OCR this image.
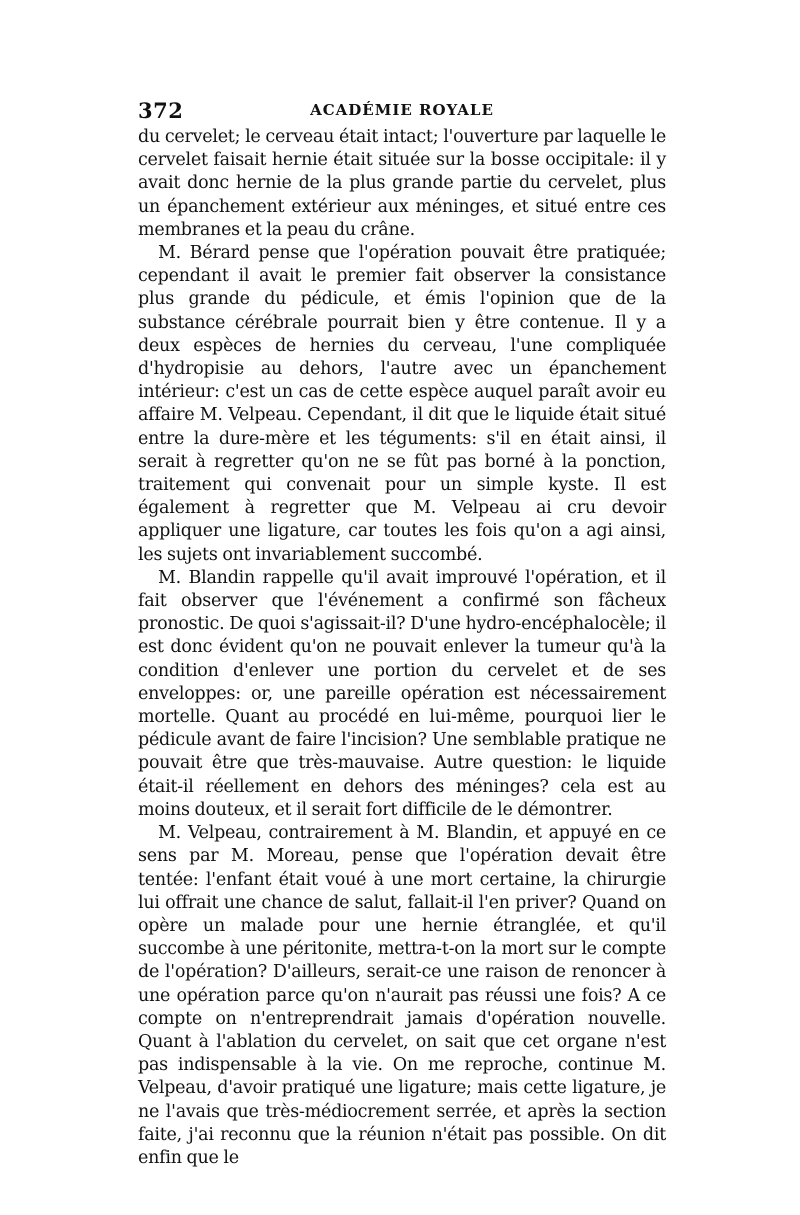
372	ACADÉMIE ROYALE

du cervelet; le cerveau était intact; l'ouverture par laquelle le cervelet faisait hernie était située sur la bosse occipitale: il y avait donc hernie de la plus grande partie du cervelet, plus un épanchement extérieur aux méninges, et situé entre ces membranes et la peau du crâne.

M. Bérard pense que l'opération pouvait être pratiquée; cependant il avait le premier fait observer la consistance plus grande du pédicule, et émis l'opinion que de la substance cérébrale pourrait bien y être contenue. Il y a deux espèces de hernies du cerveau, l'une compliquée d'hydropisie au dehors, l'autre avec un épanchement intérieur: c'est un cas de cette espèce auquel paraît avoir eu affaire M. Velpeau. Cependant, il dit que le liquide était situé entre la dure-mère et les téguments: s'il en était ainsi, il serait à regretter qu'on ne se fût pas borné à la ponction, traitement qui convenait pour un simple kyste. Il est également à regretter que M. Velpeau ai cru devoir appliquer une ligature, car toutes les fois qu'on a agi ainsi, les sujets ont invariablement succombé.

M. Blandin rappelle qu'il avait improuvé l'opération, et il fait observer que l'événement a confirmé son fâcheux pronostic. De quoi s'agissait-il? D'une hydro-encéphalocèle; il est donc évident qu'on ne pouvait enlever la tumeur qu'à la condition d'enlever une portion du cervelet et de ses enveloppes: or, une pareille opération est nécessairement mortelle. Quant au procédé en lui-même, pourquoi lier le pédicule avant de faire l'incision? Une semblable pratique ne pouvait être que très-mauvaise. Autre question: le liquide était-il réellement en dehors des méninges? cela est au moins douteux, et il serait fort difficile de le démontrer.

M. Velpeau, contrairement à M. Blandin, et appuyé en ce sens par M. Moreau, pense que l'opération devait être tentée: l'enfant était voué à une mort certaine, la chirurgie lui offrait une chance de salut, fallait-il l'en priver? Quand on opère un malade pour une hernie étranglée, et qu'il succombe à une péritonite, mettra-t-on la mort sur le compte de l'opération? D'ailleurs, serait-ce une raison de renoncer à une opération parce qu'on n'aurait pas réussi une fois? A ce compte on n'entreprendrait jamais d'opération nouvelle. Quant à l'ablation du cervelet, on sait que cet organe n'est pas indispensable à la vie. On me reproche, continue M. Velpeau, d'avoir pratiqué une ligature; mais cette ligature, je ne l'avais que très-médiocrement serrée, et après la section faite, j'ai reconnu que la réunion n'était pas possible. On dit enfin que le
